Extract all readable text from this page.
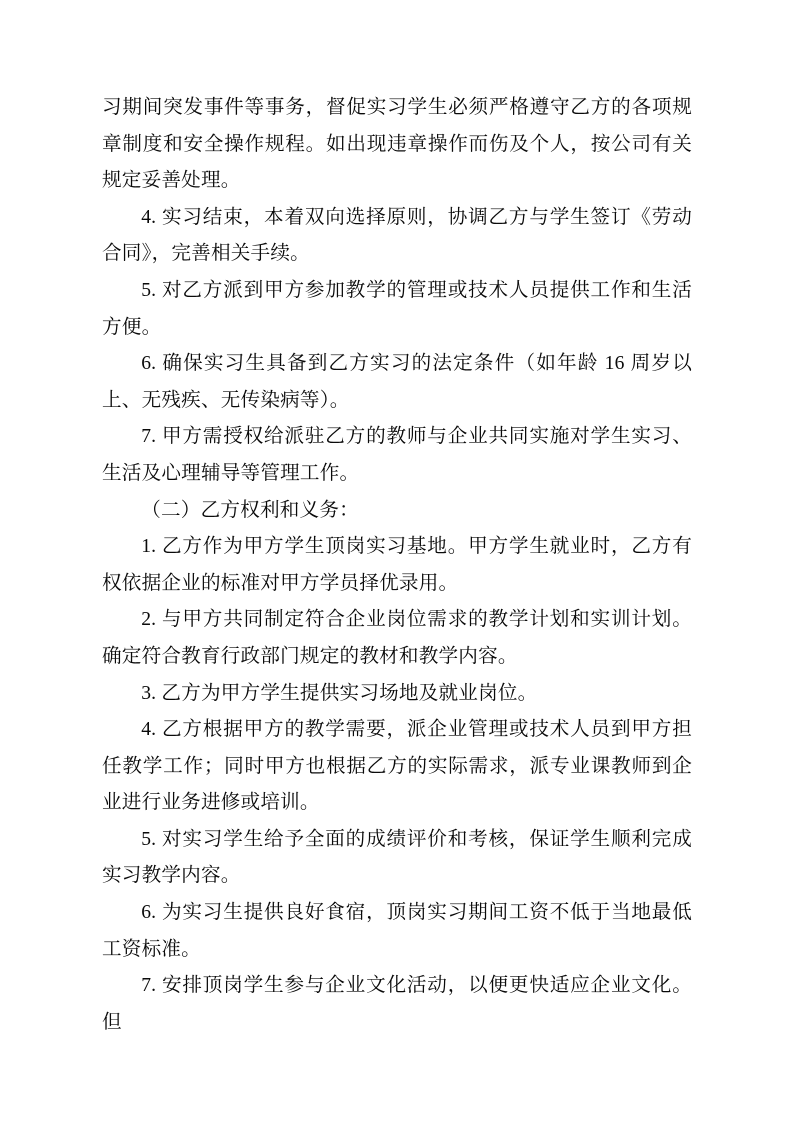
习期间突发事件等事务，督促实习学生必须严格遵守乙方的各项规章制度和安全操作规程。如出现违章操作而伤及个人，按公司有关规定妥善处理。

4. 实习结束，本着双向选择原则，协调乙方与学生签订《劳动合同》，完善相关手续。

5. 对乙方派到甲方参加教学的管理或技术人员提供工作和生活方便。

6. 确保实习生具备到乙方实习的法定条件（如年龄 16 周岁以上、无残疾、无传染病等）。

7. 甲方需授权给派驻乙方的教师与企业共同实施对学生实习、生活及心理辅导等管理工作。

（二）乙方权利和义务：

1. 乙方作为甲方学生顶岗实习基地。甲方学生就业时，乙方有权依据企业的标准对甲方学员择优录用。

2. 与甲方共同制定符合企业岗位需求的教学计划和实训计划。确定符合教育行政部门规定的教材和教学内容。

3. 乙方为甲方学生提供实习场地及就业岗位。

4. 乙方根据甲方的教学需要，派企业管理或技术人员到甲方担任教学工作；同时甲方也根据乙方的实际需求，派专业课教师到企业进行业务进修或培训。

5. 对实习学生给予全面的成绩评价和考核，保证学生顺利完成实习教学内容。

6. 为实习生提供良好食宿，顶岗实习期间工资不低于当地最低工资标准。

7. 安排顶岗学生参与企业文化活动，以便更快适应企业文化。但
